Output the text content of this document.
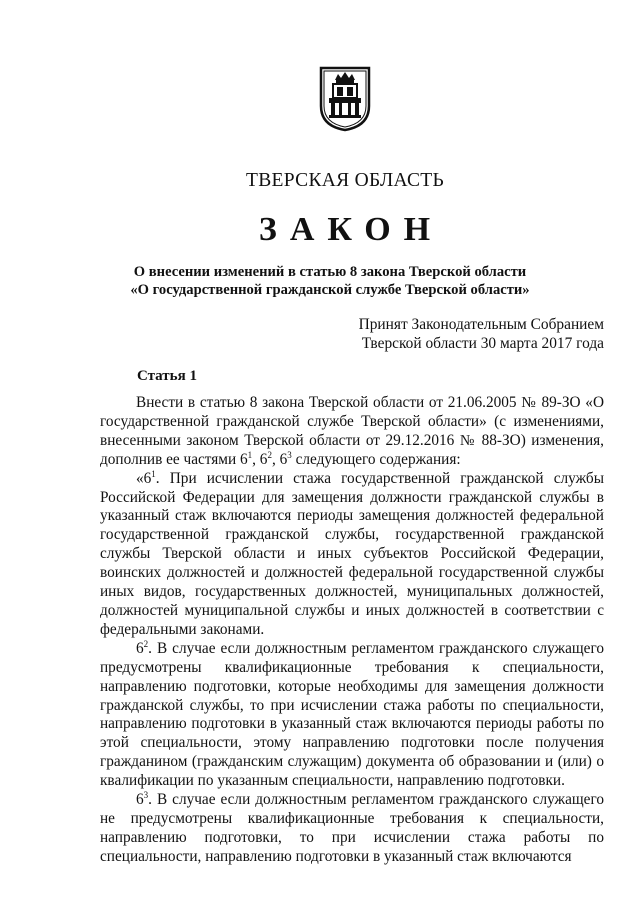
ТВЕРСКАЯ ОБЛАСТЬ
ЗАКОН
О внесении изменений в статью 8 закона Тверской области
«О государственной гражданской службе Тверской области»
Принят Законодательным Собранием
Тверской области 30 марта 2017 года
Статья 1

Внести в статью 8 закона Тверской области от 21.06.2005 № 89-ЗО «О государственной гражданской службе Тверской области» (с изменениями, внесенными законом Тверской области от 29.12.2016 № 88-ЗО) изменения, дополнив ее частями $6^1$, $6^2$, $6^3$ следующего содержания:

«$6^1$. При исчислении стажа государственной гражданской службы Российской Федерации для замещения должности гражданской службы в указанный стаж включаются периоды замещения должностей федеральной государственной гражданской службы, государственной гражданской службы Тверской области и иных субъектов Российской Федерации, воинских должностей и должностей федеральной государственной службы иных видов, государственных должностей, муниципальных должностей, должностей муниципальной службы и иных должностей в соответствии с федеральными законами.

$6^2$. В случае если должностным регламентом гражданского служащего предусмотрены квалификационные требования к специальности, направлению подготовки, которые необходимы для замещения должности гражданской службы, то при исчислении стажа работы по специальности, направлению подготовки в указанный стаж включаются периоды работы по этой специальности, этому направлению подготовки после получения гражданином (гражданским служащим) документа об образовании и (или) о квалификации по указанным специальности, направлению подготовки.

$6^3$. В случае если должностным регламентом гражданского служащего не предусмотрены квалификационные требования к специальности, направлению подготовки, то при исчислении стажа работы по специальности, направлению подготовки в указанный стаж включаются
